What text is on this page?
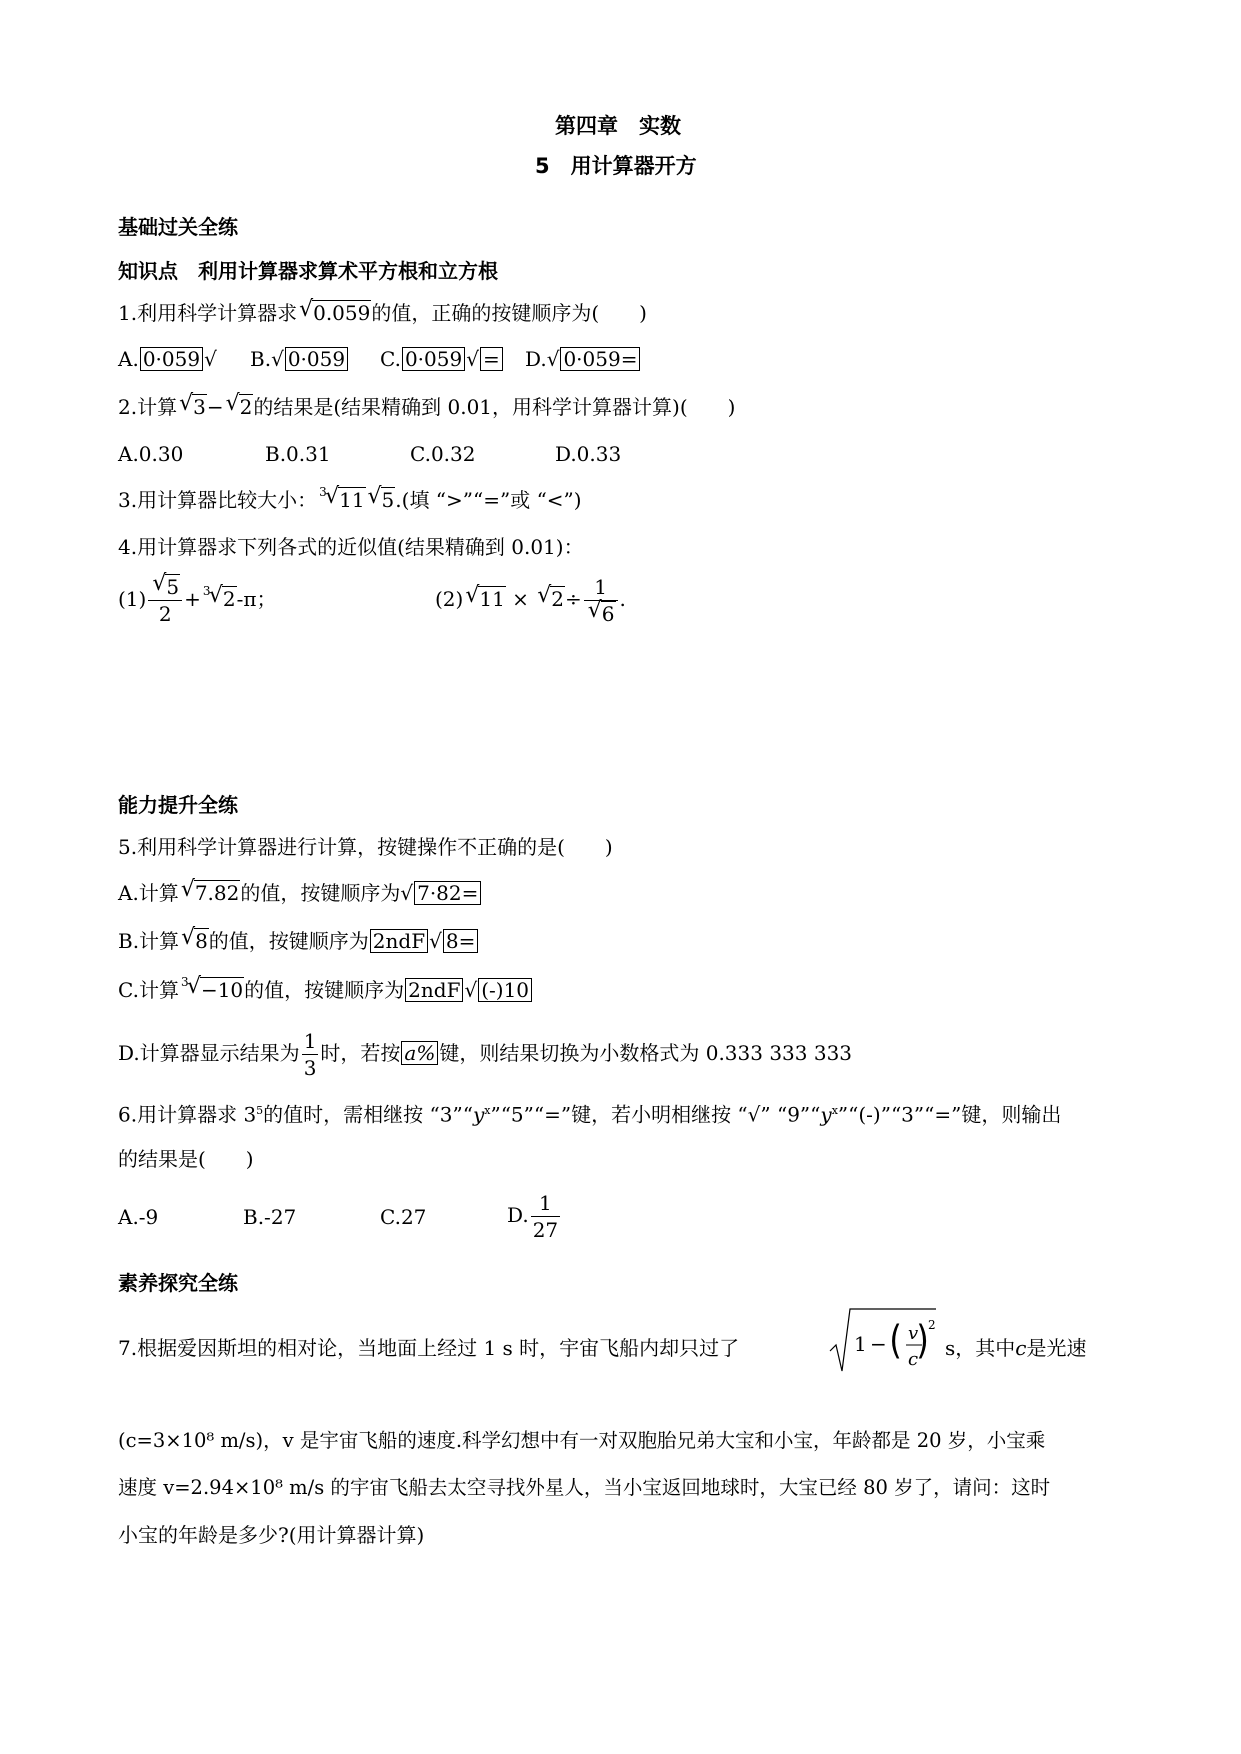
第四章　实数
5　用计算器开方
基础过关全练
知识点　利用计算器求算术平方根和立方根
1.利用科学计算器求 √ 0.059的值，正确的按键顺序为(　　)
A. 0·059 √ B.√ 0·059 C. 0·059 √ = D.√ 0·059=
2.计算 √ 3− √ 2的结果是(结果精确到 0.01，用科学计算器计算)(　　)
A.0.30	B.0.31	C.0.32	D.0.33
3.用计算器比较大小： 3
√ 11 √ 5.(填 “>”“=”或 “<”)
4.用计算器求下列各式的近似值(结果精确到 0.01)：
$(1) \frac{√ 5}{2} + 3$
√ 2-π；	(2) √ 11 × √ $2\div \frac{1}{√ 6}$ .
能力提升全练
5.利用科学计算器进行计算，按键操作不正确的是(　　)
A.计算 √ 7.82的值，按键顺序为√ 7·82=
B.计算 √ 8的值，按键顺序为 2ndF √ 8=
C.计算 3
√ −10的值，按键顺序为 2ndF √ (-)10
D.计算器显示结果为 $\frac{1}{3}$ 时，若按 a% 键，则结果切换为小数格式为 0.333 333 333
6.用计算器求 $3^5$的值时，需相继按 “$3”“y^x”“5”“=$”键，若小明相继按 “√” “$9”“y^x”“(-)”“3”“=$”键，则输出
的结果是(　　)
A.-9	B.-27	C.27	D. $\frac{1}{27}$
素养探究全练
7.根据爱因斯坦的相对论，当地面上经过 1 s 时，宇宙飞船内却只过了	1 − ( v
c
) 2
s，其中c是光速
(c=3×10⁸ m/s)，v 是宇宙飞船的速度.科学幻想中有一对双胞胎兄弟大宝和小宝，年龄都是 20 岁，小宝乘
速度 v=2.94×10⁸ m/s 的宇宙飞船去太空寻找外星人，当小宝返回地球时，大宝已经 80 岁了，请问：这时
小宝的年龄是多少?(用计算器计算)
